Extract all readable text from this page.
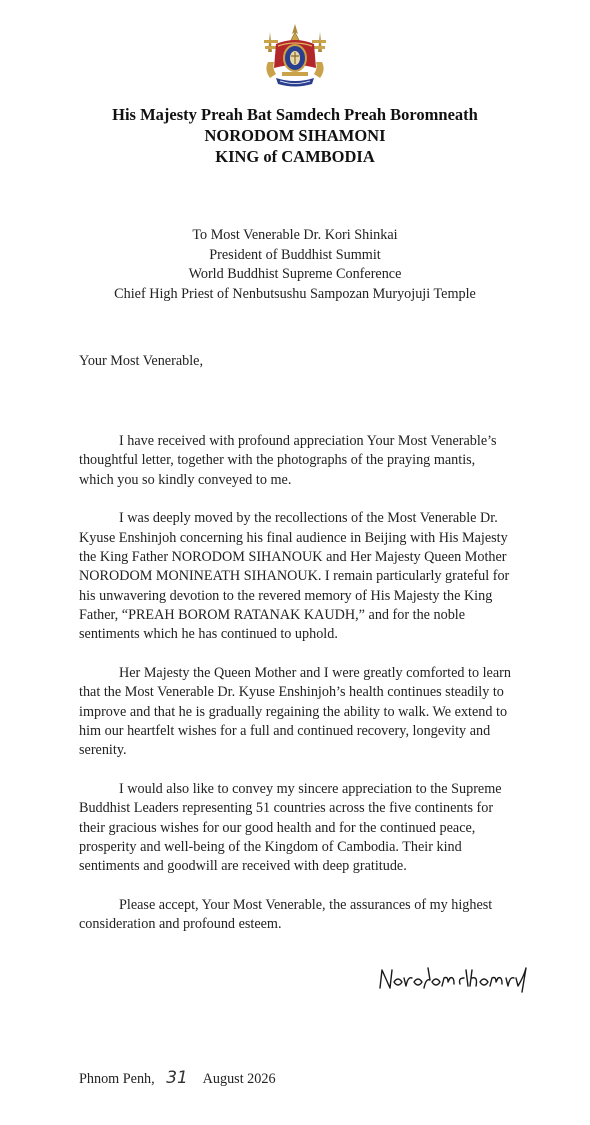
His Majesty Preah Bat Samdech Preah Boromneath
NORODOM SIHAMONI
KING of CAMBODIA
To Most Venerable Dr. Kori Shinkai
President of Buddhist Summit
World Buddhist Supreme Conference
Chief High Priest of Nenbutsushu Sampozan Muryojuji Temple
Your Most Venerable,

I have received with profound appreciation Your Most Venerable’s thoughtful letter, together with the photographs of the praying mantis, which you so kindly conveyed to me.

I was deeply moved by the recollections of the Most Venerable Dr. Kyuse Enshinjoh concerning his final audience in Beijing with His Majesty the King Father NORODOM SIHANOUK and Her Majesty Queen Mother NORODOM MONINEATH SIHANOUK. I remain particularly grateful for his unwavering devotion to the revered memory of His Majesty the King Father, “PREAH BOROM RATANAK KAUDH,” and for the noble sentiments which he has continued to uphold.

Her Majesty the Queen Mother and I were greatly comforted to learn that the Most Venerable Dr. Kyuse Enshinjoh’s health continues steadily to improve and that he is gradually regaining the ability to walk. We extend to him our heartfelt wishes for a full and continued recovery, longevity and serenity.

I would also like to convey my sincere appreciation to the Supreme Buddhist Leaders representing 51 countries across the five continents for their gracious wishes for our good health and for the continued peace, prosperity and well-being of the Kingdom of Cambodia. Their kind sentiments and goodwill are received with deep gratitude.

Please accept, Your Most Venerable, the assurances of my highest consideration and profound esteem.

Phnom Penh, 31 August 2026
